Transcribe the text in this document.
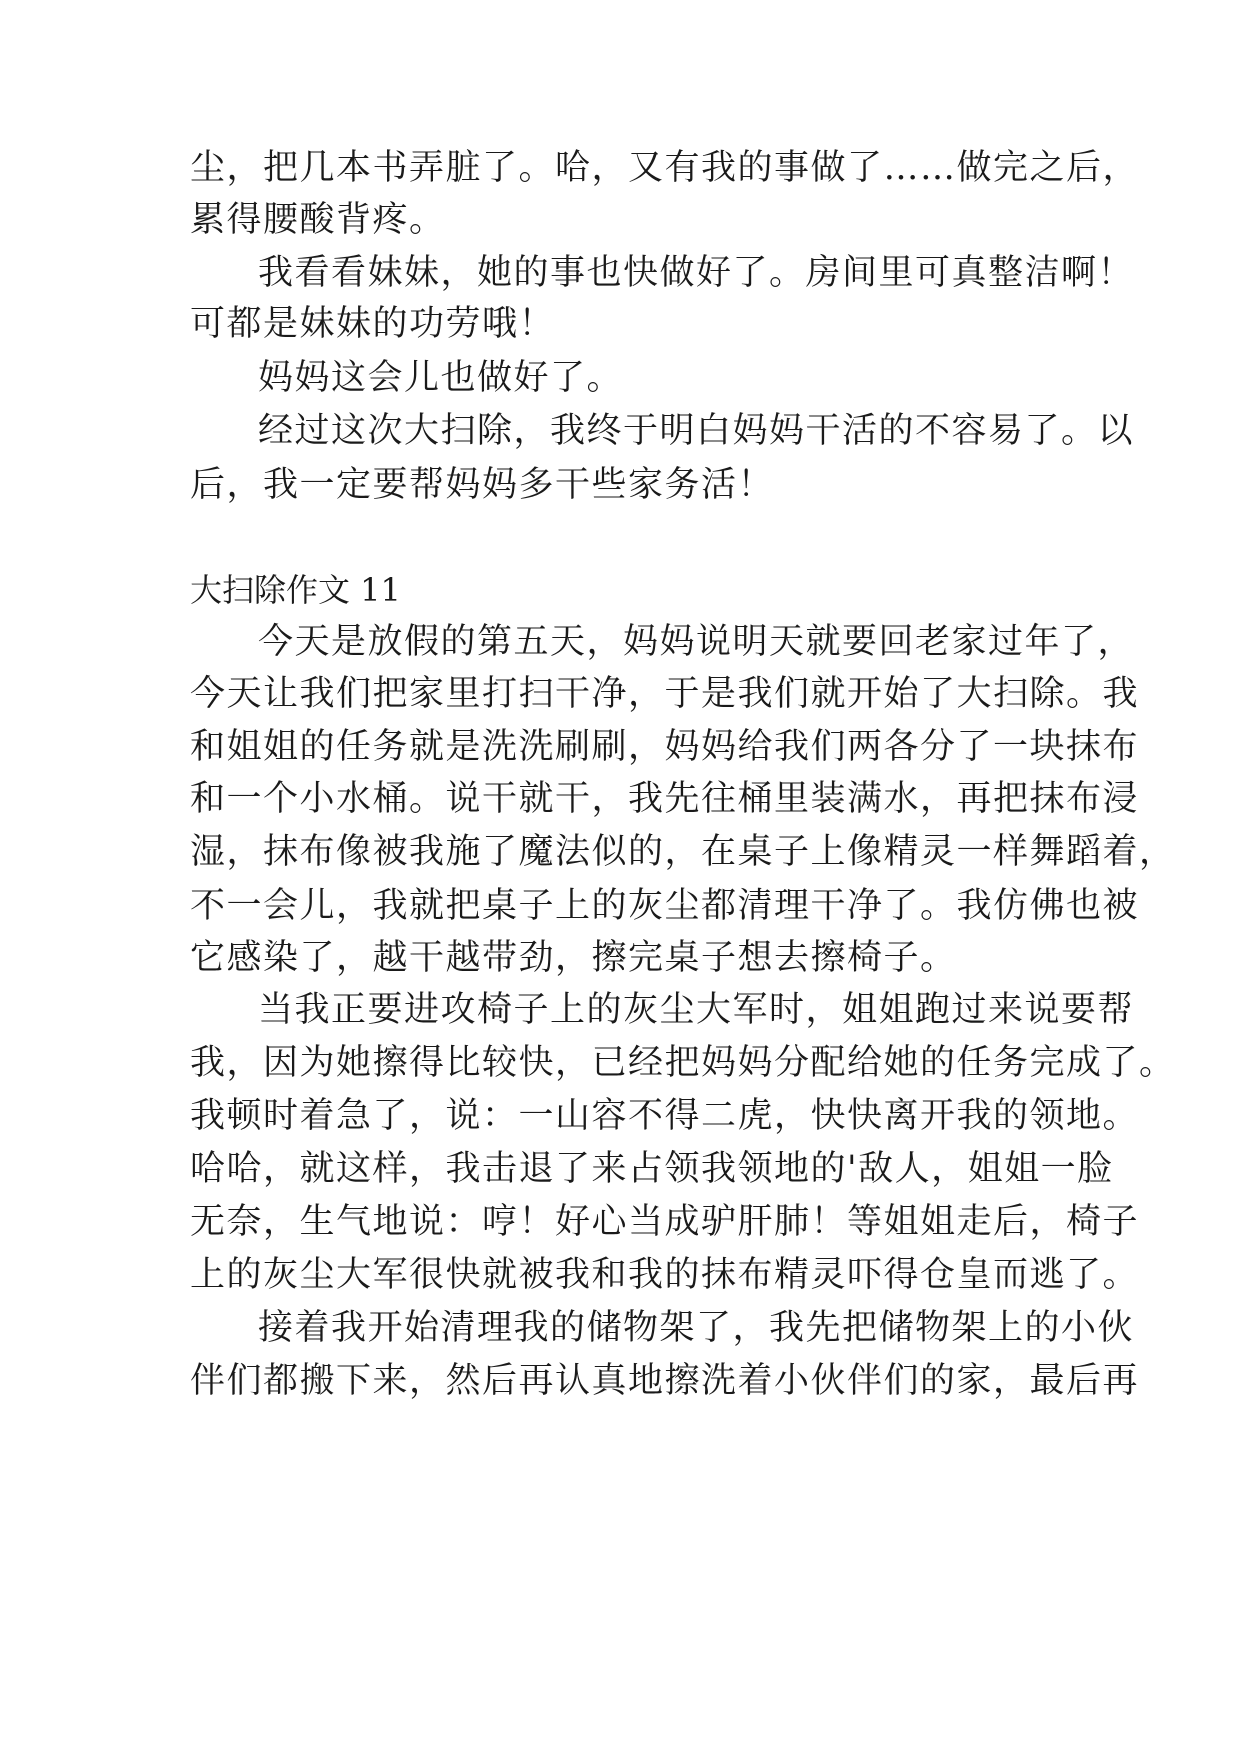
尘，把几本书弄脏了。哈，又有我的事做了……做完之后，
累得腰酸背疼。
我看看妹妹，她的事也快做好了。房间里可真整洁啊！
可都是妹妹的功劳哦！
妈妈这会儿也做好了。
经过这次大扫除，我终于明白妈妈干活的不容易了。以
后，我一定要帮妈妈多干些家务活！
大扫除作文 11
今天是放假的第五天，妈妈说明天就要回老家过年了，
今天让我们把家里打扫干净，于是我们就开始了大扫除。我
和姐姐的任务就是洗洗刷刷，妈妈给我们两各分了一块抹布
和一个小水桶。说干就干，我先往桶里装满水，再把抹布浸
湿，抹布像被我施了魔法似的，在桌子上像精灵一样舞蹈着，
不一会儿，我就把桌子上的灰尘都清理干净了。我仿佛也被
它感染了，越干越带劲，擦完桌子想去擦椅子。
当我正要进攻椅子上的灰尘大军时，姐姐跑过来说要帮
我，因为她擦得比较快，已经把妈妈分配给她的任务完成了。
我顿时着急了，说：一山容不得二虎，快快离开我的领地。
哈哈，就这样，我击退了来占领我领地的'敌人，姐姐一脸
无奈，生气地说：哼！好心当成驴肝肺！等姐姐走后，椅子
上的灰尘大军很快就被我和我的抹布精灵吓得仓皇而逃了。
接着我开始清理我的储物架了，我先把储物架上的小伙
伴们都搬下来，然后再认真地擦洗着小伙伴们的家，最后再
